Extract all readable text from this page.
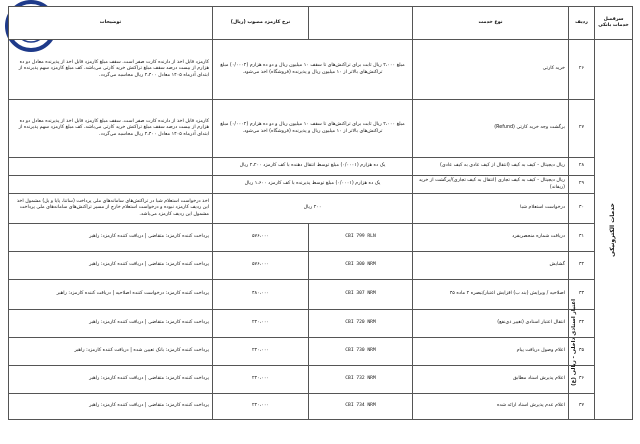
سرفصل خدمات بانکی	ردیف	نوع خدمت		نرخ کارمزد مصوب (ریال)	توضیحات

خدمات الکترونیکی	۲۶	خرید کارتی	مبلغ ۲،۰۰۰ ریال ثابت برای تراکنش‌های تا سقف ۱۰ میلیون ریال و دو ده هزارم (۰/۰۰۰۲) مبلغ تراکنش‌های بالاتر از ۱۰ میلیون ریال و پذیرنده (فروشگاه) اخذ می‌شود.		کارمزد قابل اخذ از دارنده کارت صفر است. سقف مبلغ کارمزد قابل اخذ از پذیرنده معادل دو ده هزارم از بیست درصد سقف مبلغ تراکنش خرید کارتی می‌باشد. کف مبلغ کارمزد سهم پذیرنده از ابتدای آذرماه ۱۴۰۵ معادل ۲،۴۰۰ ریال محاسبه می‌گردد.
	۲۷	برگشت وجه خرید کارتی (Refund)	مبلغ ۲،۰۰۰ ریال ثابت برای تراکنش‌های تا سقف ۱۰ میلیون ریال و دو ده هزارم (۰/۰۰۰۲) مبلغ تراکنش‌های بالاتر از ۱۰ میلیون ریال و پذیرنده (فروشگاه) اخذ می‌شود.		کارمزد قابل اخذ از دارنده کارت صفر است. سقف مبلغ کارمزد قابل اخذ از پذیرنده معادل دو ده هزارم از بیست درصد سقف مبلغ تراکنش خرید کارتی می‌باشد. کف مبلغ کارمزد سهم پذیرنده از ابتدای آذرماه ۱۴۰۵ معادل ۲،۴۰۰ ریال محاسبه می‌گردد.
	۲۸	ریال دیجیتال - کیف به کیف (انتقال از کیف عادی به کیف عادی)	یک ده هزارم (۰/۰۰۰۱) مبلغ توسط انتقال دهنده با کف کارمزد ۲،۲۰۰ ریال		
	۲۹	ریال دیجیتال - کیف به کیف تجاری (انتقال به کیف تجاری)/برگشت از خرید (ریفاند)	یک ده هزارم (۰/۰۰۰۱) مبلغ توسط پذیرنده با کف کارمزد ۱،۶۰۰ ریال		
	۳۰	درخواست استعلام شبا	۲۰۰ ریال		اخذ درخواست استعلام شبا در تراکنش‌های سامانه‌های ملی پرداخت (ساتنا، پایا و یل) مشمول اخذ این ردیف کارمزد نبوده و درخواست استعلام خارج از مسیر تراکنش‌های سامانه‌های ملی پرداخت مشمول این ردیف کارمزد می‌باشد.
	۳۱	دریافت شماره منحصربفرد	CBI 799 RLN	۵۷۶،۰۰۰	پرداخت کننده کارمزد: متقاضی | دریافت کننده کارمزد: راهبر
	۳۲	گشایش	CBI 300 NRM	۵۷۶،۰۰۰	پرداخت کننده کارمزد: متقاضی | دریافت کننده کارمزد: راهبر
	۳۳	اصلاحیه / ویرایش (بند ب) افزایش اعتبار/تبصره ۲ ماده ۴۵	CBI 307 NRM	۴۸۰،۰۰۰	پرداخت کننده کارمزد: درخواست کننده اصلاحیه | دریافت کننده کارمزد: راهبر
	۳۴	انتقال اعتبار اسنادی (تغییر ذی‌نفع)	CBI 720 NRM	۲۴۰،۰۰۰	پرداخت کننده کارمزد: متقاضی | دریافت کننده کارمزد: راهبر
	۳۵	اعلام وصول دریافت پیام	CBI 730 NRM	۲۴۰،۰۰۰	پرداخت کننده کارمزد: بانک تعیین شده | دریافت کننده کارمزد: راهبر
	۳۶	اعلام پذیرش اسناد مطابق	CBI 732 NRM	۲۴۰،۰۰۰	پرداخت کننده کارمزد: متقاضی | دریافت کننده کارمزد: راهبر
	۳۷	اعلام عدم پذیرش اسناد ارائه شده	CBI 734 NRM	۲۴۰،۰۰۰	پرداخت کننده کارمزد: متقاضی | دریافت کننده کارمزد: راهبر
اعتبار اسنادی داخلی - ریالی (ع)
